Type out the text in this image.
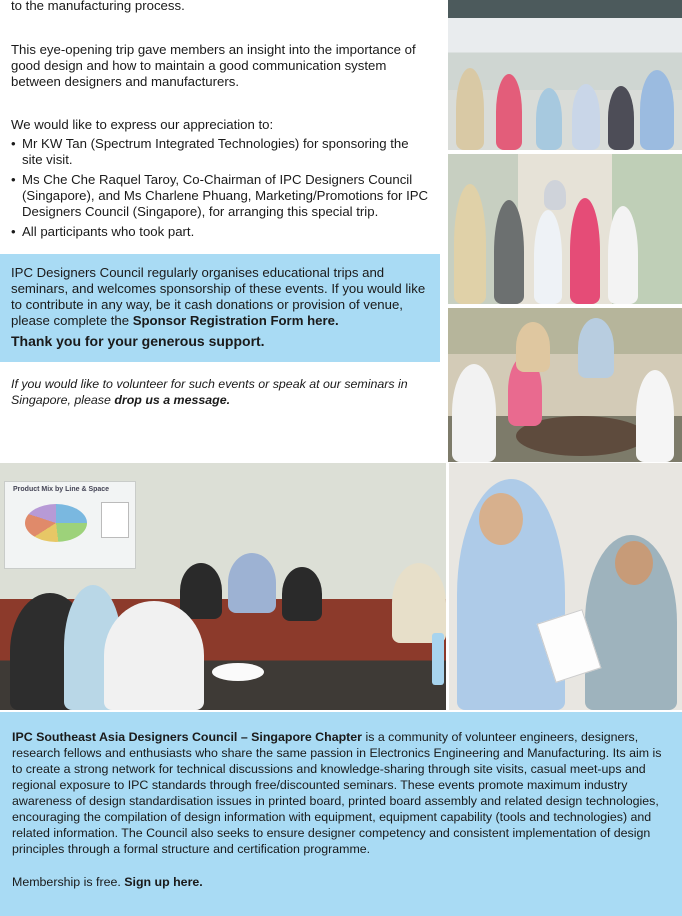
to the manufacturing process.

This eye-opening trip gave members an insight into the importance of good design and how to maintain a good communication system between designers and manufacturers.

We would like to express our appreciation to:

• Mr KW Tan (Spectrum Integrated Technologies) for sponsoring the site visit.
• Ms Che Che Raquel Taroy, Co-Chairman of IPC Designers Council (Singapore), and Ms Charlene Phuang, Marketing/Promotions for IPC Designers Council (Singapore), for arranging this special trip.
• All participants who took part.
IPC Designers Council regularly organises educational trips and seminars, and welcomes sponsorship of these events. If you would like to contribute in any way, be it cash donations or provision of venue, please complete the Sponsor Registration Form here.
Thank you for your generous support.

If you would like to volunteer for such events or speak at our seminars in Singapore, please drop us a message.

Product Mix by Line & Space

IPC Southeast Asia Designers Council – Singapore Chapter is a community of volunteer engineers, designers, research fellows and enthusiasts who share the same passion in Electronics Engineering and Manufacturing. Its aim is to create a strong network for technical discussions and knowledge-sharing through site visits, casual meet-ups and regional exposure to IPC standards through free/discounted seminars. These events promote maximum industry awareness of design standardisation issues in printed board, printed board assembly and related design technologies, encouraging the compilation of design information with equipment, equipment capability (tools and technologies) and related information. The Council also seeks to ensure designer competency and consistent implementation of design principles through a formal structure and certification programme.

Membership is free. Sign up here.
